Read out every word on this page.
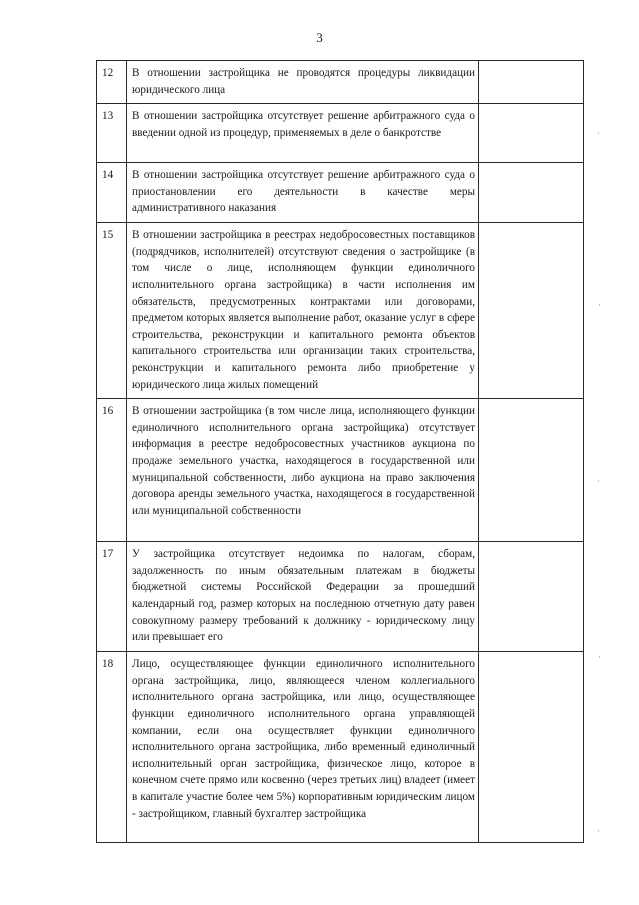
3
12	В отношении застройщика не проводятся процедуры ликвидации юридического лица	
13	В отношении застройщика отсутствует решение арбитражного суда о введении одной из процедур, применяемых в деле о банкротстве	
14	В отношении застройщика отсутствует решение арбитражного суда о приостановлении его деятельности в качестве меры административного наказания	
15	В отношении застройщика в реестрах недобросовестных поставщиков (подрядчиков, исполнителей) отсутствуют сведения о застройщике (в том числе о лице, исполняющем функции единоличного исполнительного органа застройщика) в части исполнения им обязательств, предусмотренных контрактами или договорами, предметом которых является выполнение работ, оказание услуг в сфере строительства, реконструкции и капитального ремонта объектов капитального строительства или организации таких строительства, реконструкции и капитального ремонта либо приобретение у юридического лица жилых помещений	
16	В отношении застройщика (в том числе лица, исполняющего функции единоличного исполнительного органа застройщика) отсутствует информация в реестре недобросовестных участников аукциона по продаже земельного участка, находящегося в государственной или муниципальной собственности, либо аукциона на право заключения договора аренды земельного участка, находящегося в государственной или муниципальной собственности	
17	У застройщика отсутствует недоимка по налогам, сборам, задолженность по иным обязательным платежам в бюджеты бюджетной системы Российской Федерации за прошедший календарный год, размер которых на последнюю отчетную дату равен совокупному размеру требований к должнику - юридическому лицу или превышает его	
18	Лицо, осуществляющее функции единоличного исполнительного органа застройщика, лицо, являющееся членом коллегиального исполнительного органа застройщика, или лицо, осуществляющее функции единоличного исполнительного органа управляющей компании, если она осуществляет функции единоличного исполнительного органа застройщика, либо временный единоличный исполнительный орган застройщика, физическое лицо, которое в конечном счете прямо или косвенно (через третьих лиц) владеет (имеет в капитале участие более чем 5%) корпоративным юридическим лицом - застройщиком, главный бухгалтер застройщика	
·
·
·
·
·
